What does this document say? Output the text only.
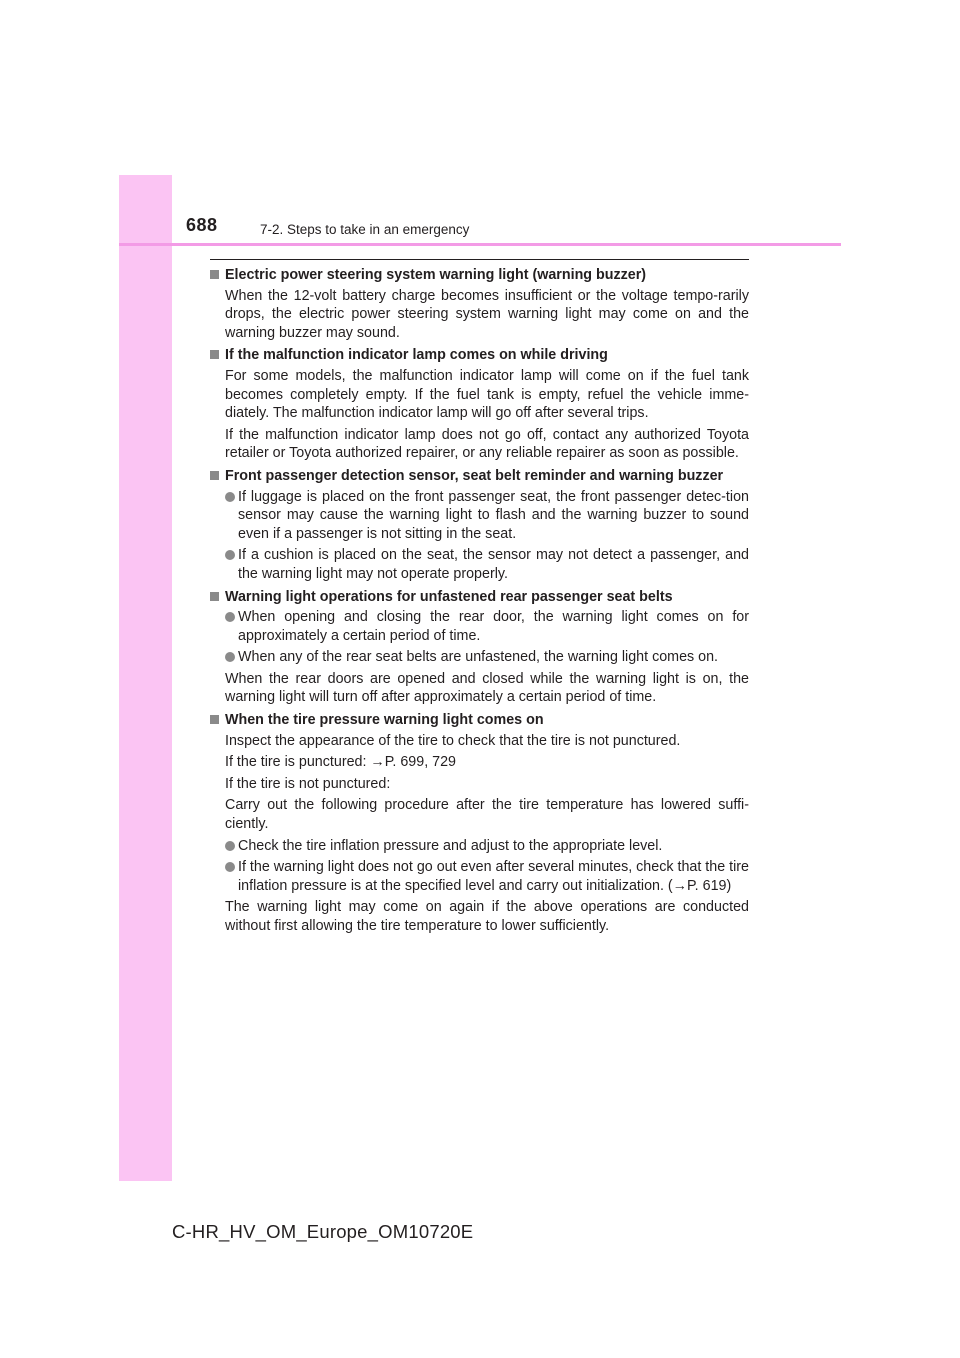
688	7-2. Steps to take in an emergency
Electric power steering system warning light (warning buzzer)
When the 12-volt battery charge becomes insufficient or the voltage tempo-rarily drops, the electric power steering system warning light may come on and the warning buzzer may sound.
If the malfunction indicator lamp comes on while driving
For some models, the malfunction indicator lamp will come on if the fuel tank becomes completely empty. If the fuel tank is empty, refuel the vehicle imme-diately. The malfunction indicator lamp will go off after several trips.
If the malfunction indicator lamp does not go off, contact any authorized Toyota retailer or Toyota authorized repairer, or any reliable repairer as soon as possible.
Front passenger detection sensor, seat belt reminder and warning buzzer
If luggage is placed on the front passenger seat, the front passenger detec-tion sensor may cause the warning light to flash and the warning buzzer to sound even if a passenger is not sitting in the seat.
If a cushion is placed on the seat, the sensor may not detect a passenger, and the warning light may not operate properly.
Warning light operations for unfastened rear passenger seat belts
When opening and closing the rear door, the warning light comes on for approximately a certain period of time.
When any of the rear seat belts are unfastened, the warning light comes on.
When the rear doors are opened and closed while the warning light is on, the warning light will turn off after approximately a certain period of time.
When the tire pressure warning light comes on
Inspect the appearance of the tire to check that the tire is not punctured.
If the tire is punctured: →P. 699, 729
If the tire is not punctured:
Carry out the following procedure after the tire temperature has lowered suffi-ciently.
Check the tire inflation pressure and adjust to the appropriate level.
If the warning light does not go out even after several minutes, check that the tire inflation pressure is at the specified level and carry out initialization. (→P. 619)
The warning light may come on again if the above operations are conducted without first allowing the tire temperature to lower sufficiently.
C-HR_HV_OM_Europe_OM10720E
